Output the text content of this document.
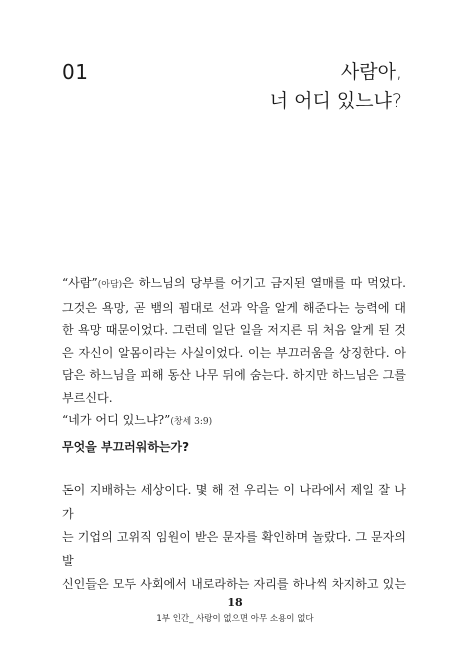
01	사람아,
너 어디 있느냐?
“사람”(아담)은 하느님의 당부를 어기고 금지된 열매를 따 먹었다. 그것은 욕망, 곧 뱀의 꾐대로 선과 악을 알게 해준다는 능력에 대한 욕망 때문이었다. 그런데 일단 일을 저지른 뒤 처음 알게 된 것은 자신이 알몸이라는 사실이었다. 이는 부끄러움을 상징한다. 아담은 하느님을 피해 동산 나무 뒤에 숨는다. 하지만 하느님은 그를 부르신다.
“네가 어디 있느냐?”(창세 3:9)
무엇을 부끄러워하는가?
돈이 지배하는 세상이다. 몇 해 전 우리는 이 나라에서 제일 잘 나가
는 기업의 고위직 임원이 받은 문자를 확인하며 놀랐다. 그 문자의 발
신인들은 모두 사회에서 내로라하는 자리를 하나씩 차지하고 있는
18
1부 인간_ 사랑이 없으면 아무 소용이 없다
